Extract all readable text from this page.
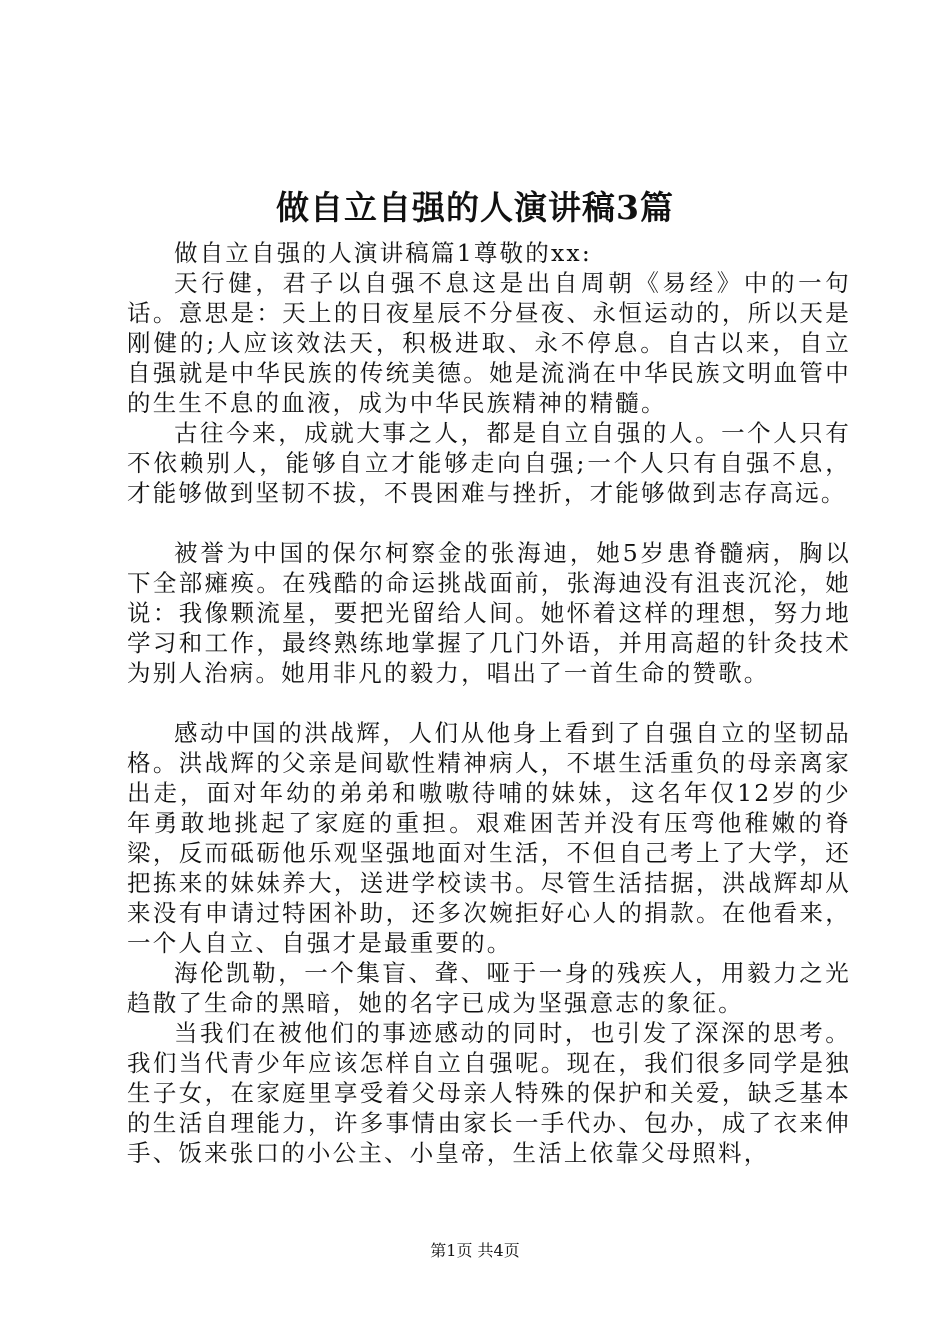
做自立自强的人演讲稿3篇

做自立自强的人演讲稿篇1尊敬的xx:

天行健，君子以自强不息这是出自周朝《易经》中的一句话。意思是：天上的日夜星辰不分昼夜、永恒运动的，所以天是刚健的;人应该效法天，积极进取、永不停息。自古以来，自立自强就是中华民族的传统美德。她是流淌在中华民族文明血管中的生生不息的血液，成为中华民族精神的精髓。

古往今来，成就大事之人，都是自立自强的人。一个人只有不依赖别人，能够自立才能够走向自强;一个人只有自强不息，才能够做到坚韧不拔，不畏困难与挫折，才能够做到志存高远。

被誉为中国的保尔柯察金的张海迪，她5岁患脊髓病，胸以下全部瘫痪。在残酷的命运挑战面前，张海迪没有沮丧沉沦，她说：我像颗流星，要把光留给人间。她怀着这样的理想，努力地学习和工作，最终熟练地掌握了几门外语，并用高超的针灸技术为别人治病。她用非凡的毅力，唱出了一首生命的赞歌。

感动中国的洪战辉，人们从他身上看到了自强自立的坚韧品格。洪战辉的父亲是间歇性精神病人，不堪生活重负的母亲离家出走，面对年幼的弟弟和嗷嗷待哺的妹妹，这名年仅12岁的少年勇敢地挑起了家庭的重担。艰难困苦并没有压弯他稚嫩的脊梁，反而砥砺他乐观坚强地面对生活，不但自己考上了大学，还把拣来的妹妹养大，送进学校读书。尽管生活拮据，洪战辉却从来没有申请过特困补助，还多次婉拒好心人的捐款。在他看来，一个人自立、自强才是最重要的。

海伦凯勒，一个集盲、聋、哑于一身的残疾人，用毅力之光趋散了生命的黑暗，她的名字已成为坚强意志的象征。

当我们在被他们的事迹感动的同时，也引发了深深的思考。我们当代青少年应该怎样自立自强呢。现在，我们很多同学是独生子女，在家庭里享受着父母亲人特殊的保护和关爱，缺乏基本的生活自理能力，许多事情由家长一手代办、包办，成了衣来伸手、饭来张口的小公主、小皇帝，生活上依靠父母照料，

第1页 共4页
